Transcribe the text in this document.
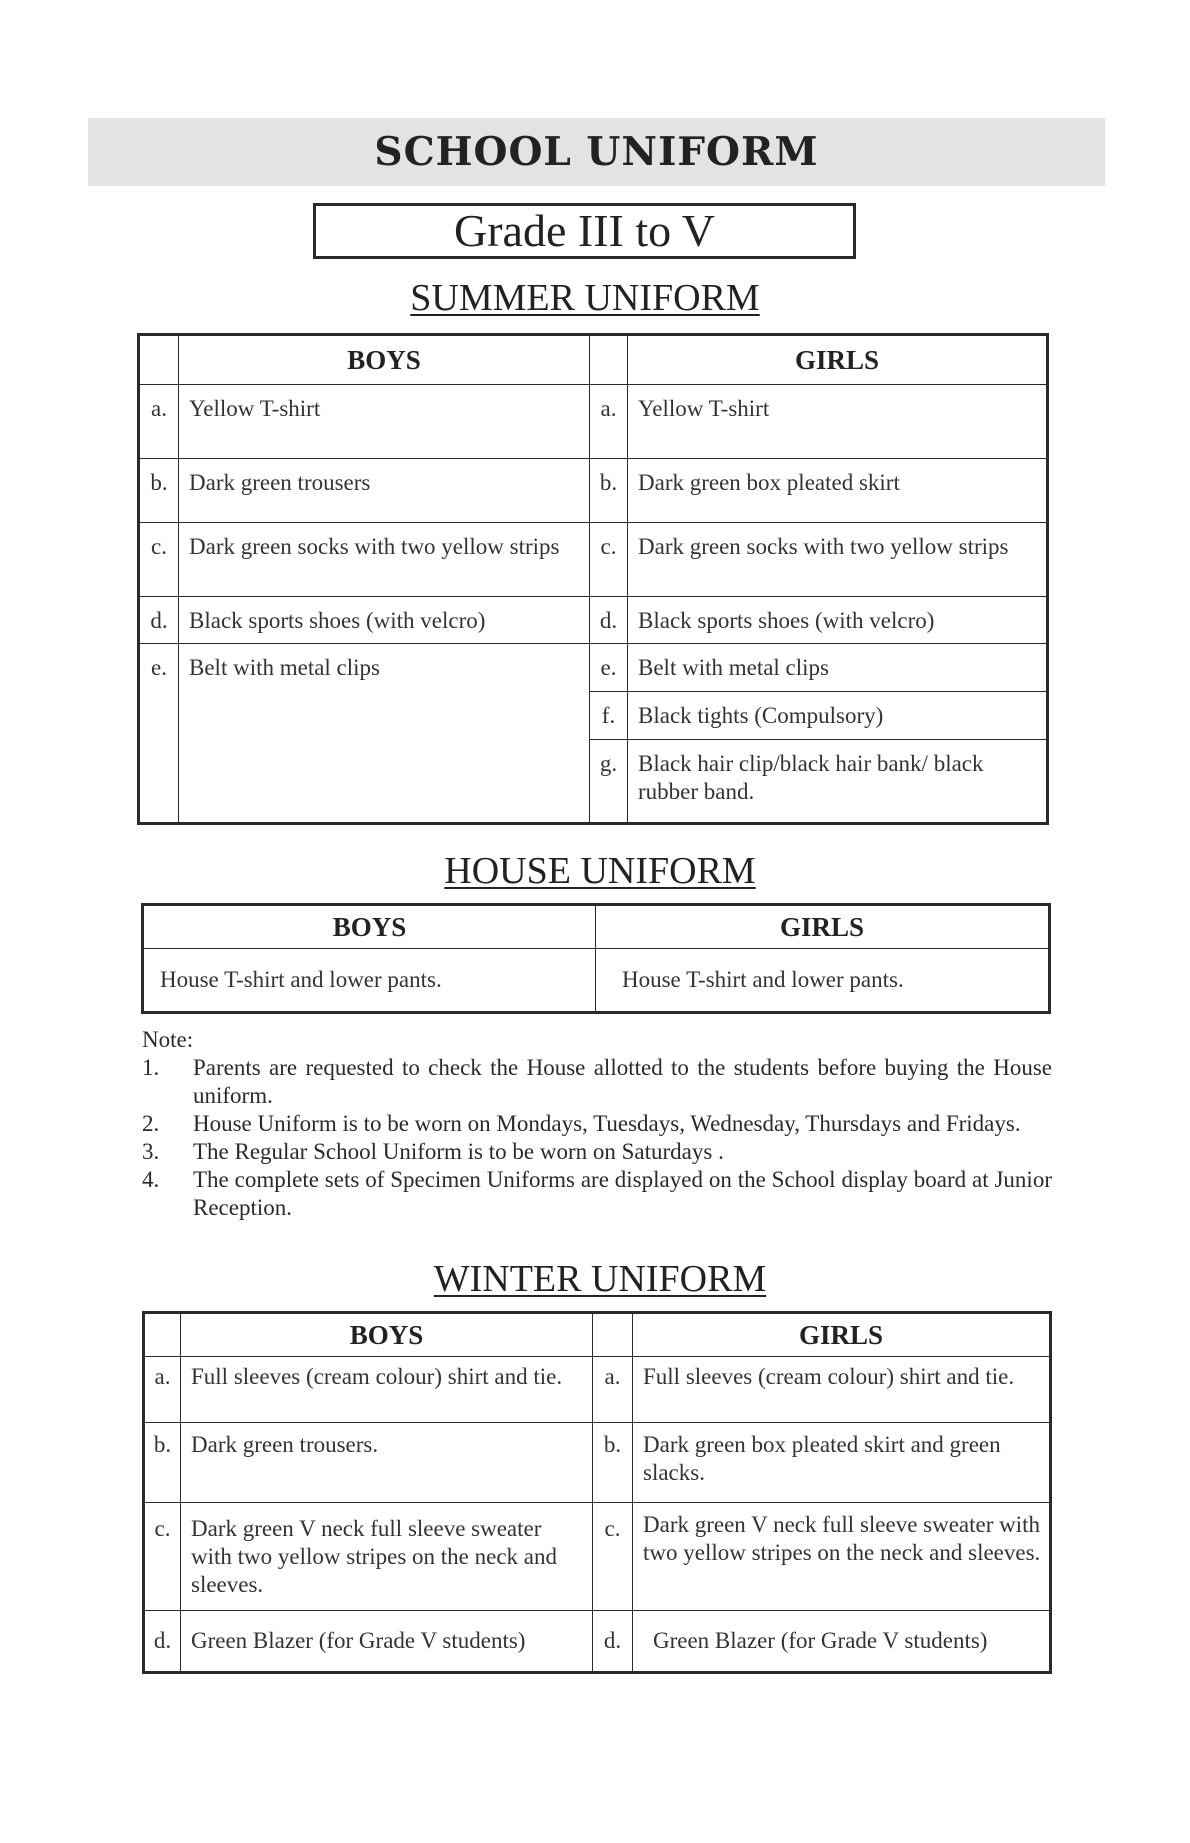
SCHOOL UNIFORM
Grade III to V
SUMMER UNIFORM
	BOYS		GIRLS
a.	Yellow T-shirt	a.	Yellow T-shirt
b.	Dark green trousers	b.	Dark green box pleated skirt
c.	Dark green socks with two yellow strips	c.	Dark green socks with two yellow strips
d.	Black sports shoes (with velcro)	d.	Black sports shoes (with velcro)
e.	Belt with metal clips	e.	Belt with metal clips
		f.	Black tights (Compulsory)
		g.	Black hair clip/black hair bank/ black rubber band.
HOUSE UNIFORM
BOYS	GIRLS
House T-shirt and lower pants.	House T-shirt and lower pants.
Note:
1.	Parents are requested to check the House allotted to the students before buying the House uniform.
2.	House Uniform is to be worn on Mondays, Tuesdays, Wednesday, Thursdays and Fridays.
3.	The Regular School Uniform is to be worn on Saturdays .
4.	The complete sets of Specimen Uniforms are displayed on the School display board at Junior Reception.
WINTER UNIFORM
	BOYS		GIRLS
a.	Full sleeves (cream colour) shirt and tie.	a.	Full sleeves (cream colour) shirt and tie.
b.	Dark green trousers.	b.	Dark green box pleated skirt and green slacks.
c.	Dark green V neck full sleeve sweater with two yellow stripes on the neck and sleeves.	c.	Dark green V neck full sleeve sweater with two yellow stripes on the neck and sleeves.
d.	Green Blazer (for Grade V students)	d.	Green Blazer (for Grade V students)
